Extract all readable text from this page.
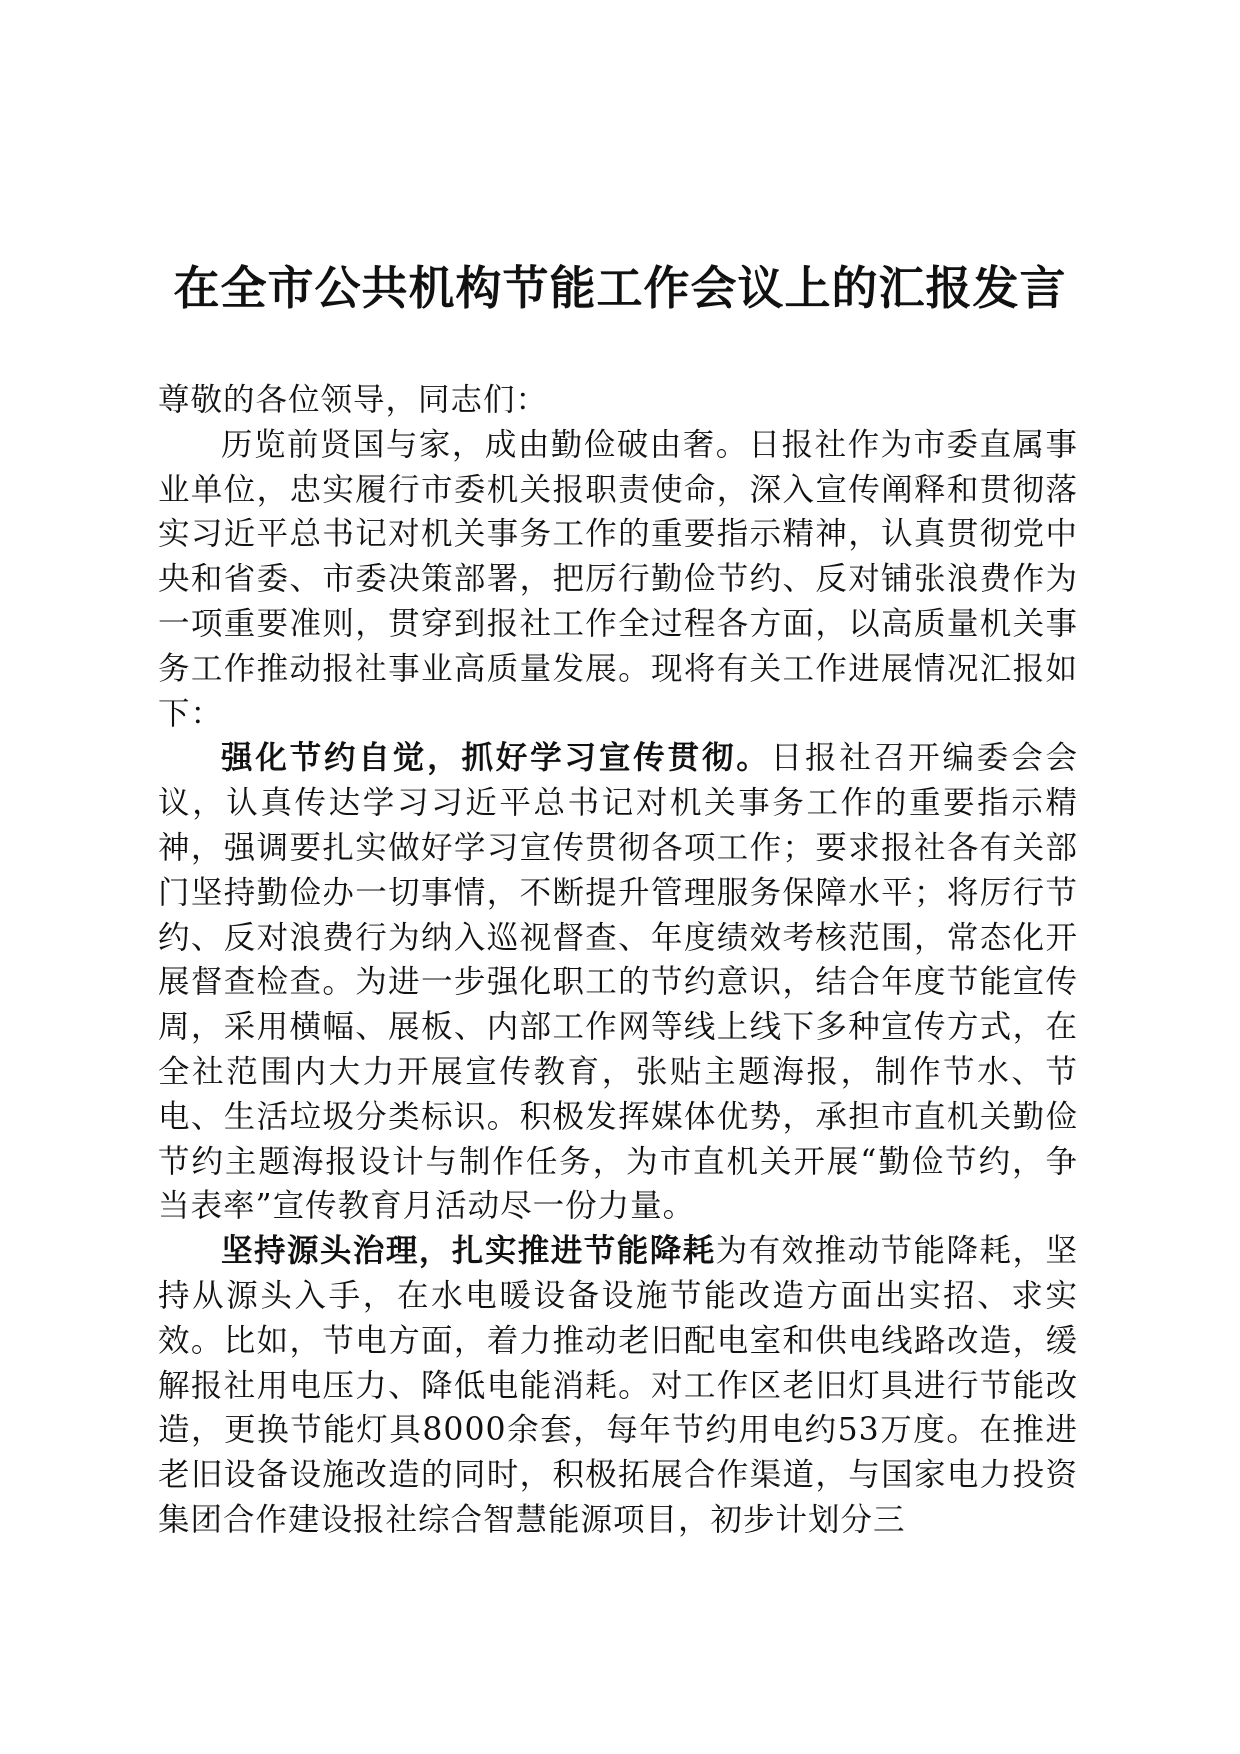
在全市公共机构节能工作会议上的汇报发言

尊敬的各位领导，同志们：

历览前贤国与家，成由勤俭破由奢。日报社作为市委直属事业单位，忠实履行市委机关报职责使命，深入宣传阐释和贯彻落实习近平总书记对机关事务工作的重要指示精神，认真贯彻党中央和省委、市委决策部署，把厉行勤俭节约、反对铺张浪费作为一项重要准则，贯穿到报社工作全过程各方面，以高质量机关事务工作推动报社事业高质量发展。现将有关工作进展情况汇报如下：

强化节约自觉，抓好学习宣传贯彻。日报社召开编委会会议，认真传达学习习近平总书记对机关事务工作的重要指示精神，强调要扎实做好学习宣传贯彻各项工作；要求报社各有关部门坚持勤俭办一切事情，不断提升管理服务保障水平；将厉行节约、反对浪费行为纳入巡视督查、年度绩效考核范围，常态化开展督查检查。为进一步强化职工的节约意识，结合年度节能宣传周，采用横幅、展板、内部工作网等线上线下多种宣传方式，在全社范围内大力开展宣传教育，张贴主题海报，制作节水、节电、生活垃圾分类标识。积极发挥媒体优势，承担市直机关勤俭节约主题海报设计与制作任务，为市直机关开展“勤俭节约，争当表率”宣传教育月活动尽一份力量。

坚持源头治理，扎实推进节能降耗为有效推动节能降耗，坚持从源头入手，在水电暖设备设施节能改造方面出实招、求实效。比如，节电方面，着力推动老旧配电室和供电线路改造，缓解报社用电压力、降低电能消耗。对工作区老旧灯具进行节能改造，更换节能灯具8000余套，每年节约用电约53万度。在推进老旧设备设施改造的同时，积极拓展合作渠道，与国家电力投资集团合作建设报社综合智慧能源项目，初步计划分三
